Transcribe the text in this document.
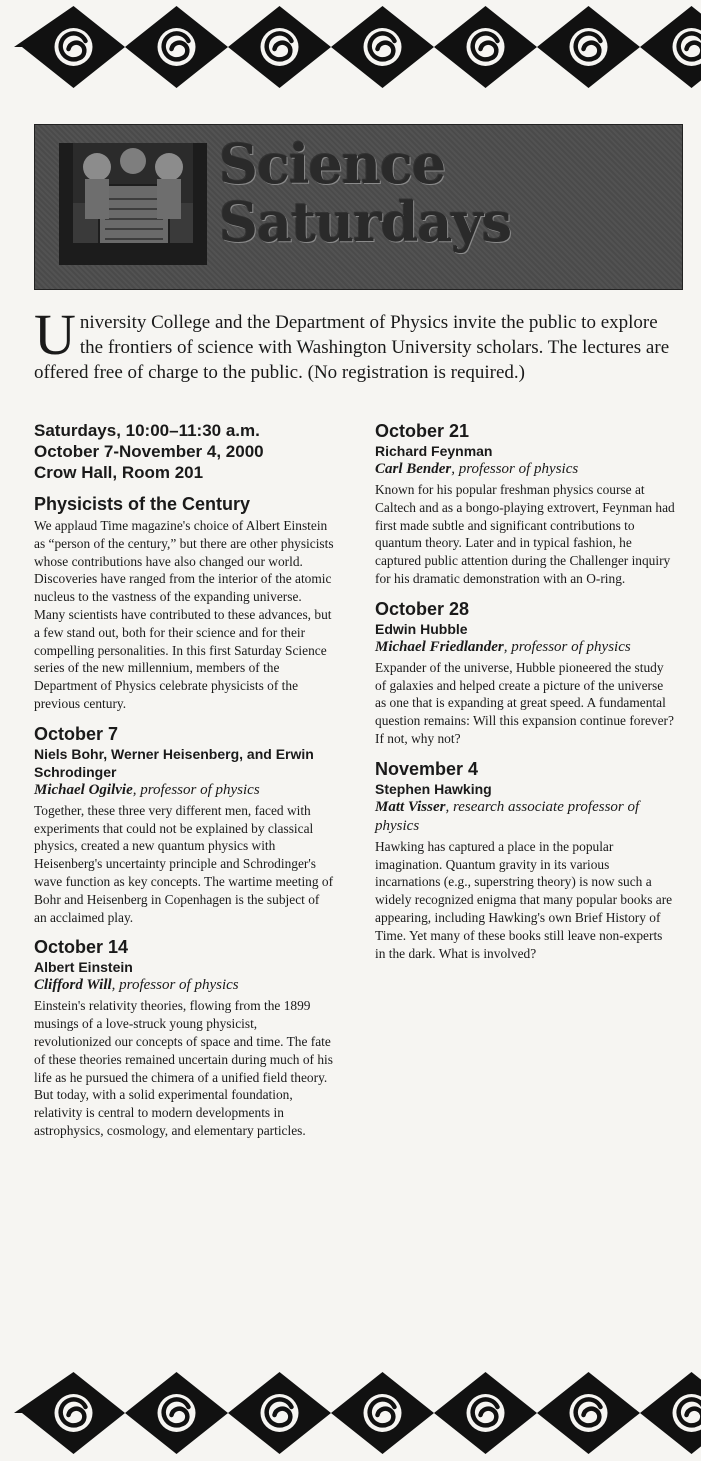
Science
Saturdays

University College and the Department of Physics invite the public to explore the frontiers of science with Washington University scholars. The lectures are offered free of charge to the public. (No registration is required.)

Saturdays, 10:00–11:30 a.m.
October 7-November 4, 2000
Crow Hall, Room 201

Physicists of the Century

We applaud Time magazine's choice of Albert Einstein as “person of the century,” but there are other physicists whose contributions have also changed our world. Discoveries have ranged from the interior of the atomic nucleus to the vastness of the expanding universe. Many scientists have contributed to these advances, but a few stand out, both for their science and for their compelling personalities. In this first Saturday Science series of the new millennium, members of the Department of Physics celebrate physicists of the previous century.

October 7

Niels Bohr, Werner Heisenberg, and Erwin Schrodinger

Michael Ogilvie, professor of physics

Together, these three very different men, faced with experiments that could not be explained by classical physics, created a new quantum physics with Heisenberg's uncertainty principle and Schrodinger's wave function as key concepts. The wartime meeting of Bohr and Heisenberg in Copenhagen is the subject of an acclaimed play.

October 14

Albert Einstein

Clifford Will, professor of physics

Einstein's relativity theories, flowing from the 1899 musings of a love-struck young physicist, revolutionized our concepts of space and time. The fate of these theories remained uncertain during much of his life as he pursued the chimera of a unified field theory. But today, with a solid experimental foundation, relativity is central to modern developments in astrophysics, cosmology, and elementary particles.

October 21

Richard Feynman

Carl Bender, professor of physics

Known for his popular freshman physics course at Caltech and as a bongo-playing extrovert, Feynman had first made subtle and significant contributions to quantum theory. Later and in typical fashion, he captured public attention during the Challenger inquiry for his dramatic demonstration with an O-ring.

October 28

Edwin Hubble

Michael Friedlander, professor of physics

Expander of the universe, Hubble pioneered the study of galaxies and helped create a picture of the universe as one that is expanding at great speed. A fundamental question remains: Will this expansion continue forever? If not, why not?

November 4

Stephen Hawking

Matt Visser, research associate professor of physics

Hawking has captured a place in the popular imagination. Quantum gravity in its various incarnations (e.g., superstring theory) is now such a widely recognized enigma that many popular books are appearing, including Hawking's own Brief History of Time. Yet many of these books still leave non-experts in the dark. What is involved?
